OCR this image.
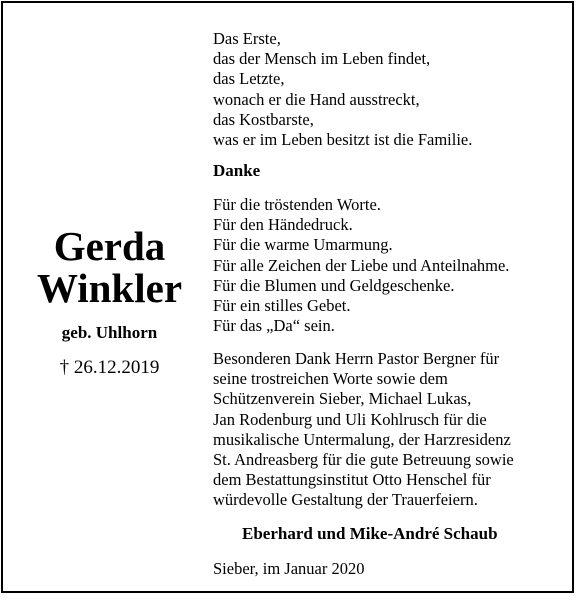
Gerda
Winkler
geb. Uhlhorn
† 26.12.2019
Das Erste,
das der Mensch im Leben findet,
das Letzte,
wonach er die Hand ausstreckt,
das Kostbarste,
was er im Leben besitzt ist die Familie.
Danke
Für die tröstenden Worte.
Für den Händedruck.
Für die warme Umarmung.
Für alle Zeichen der Liebe und Anteilnahme.
Für die Blumen und Geldgeschenke.
Für ein stilles Gebet.
Für das „Da“ sein.
Besonderen Dank Herrn Pastor Bergner für
seine trostreichen Worte sowie dem
Schützenverein Sieber, Michael Lukas,
Jan Rodenburg und Uli Kohlrusch für die
musikalische Untermalung, der Harzresidenz
St. Andreasberg für die gute Betreuung sowie
dem Bestattungsinstitut Otto Henschel für
würdevolle Gestaltung der Trauerfeiern.
Eberhard und Mike-André Schaub
Sieber, im Januar 2020
